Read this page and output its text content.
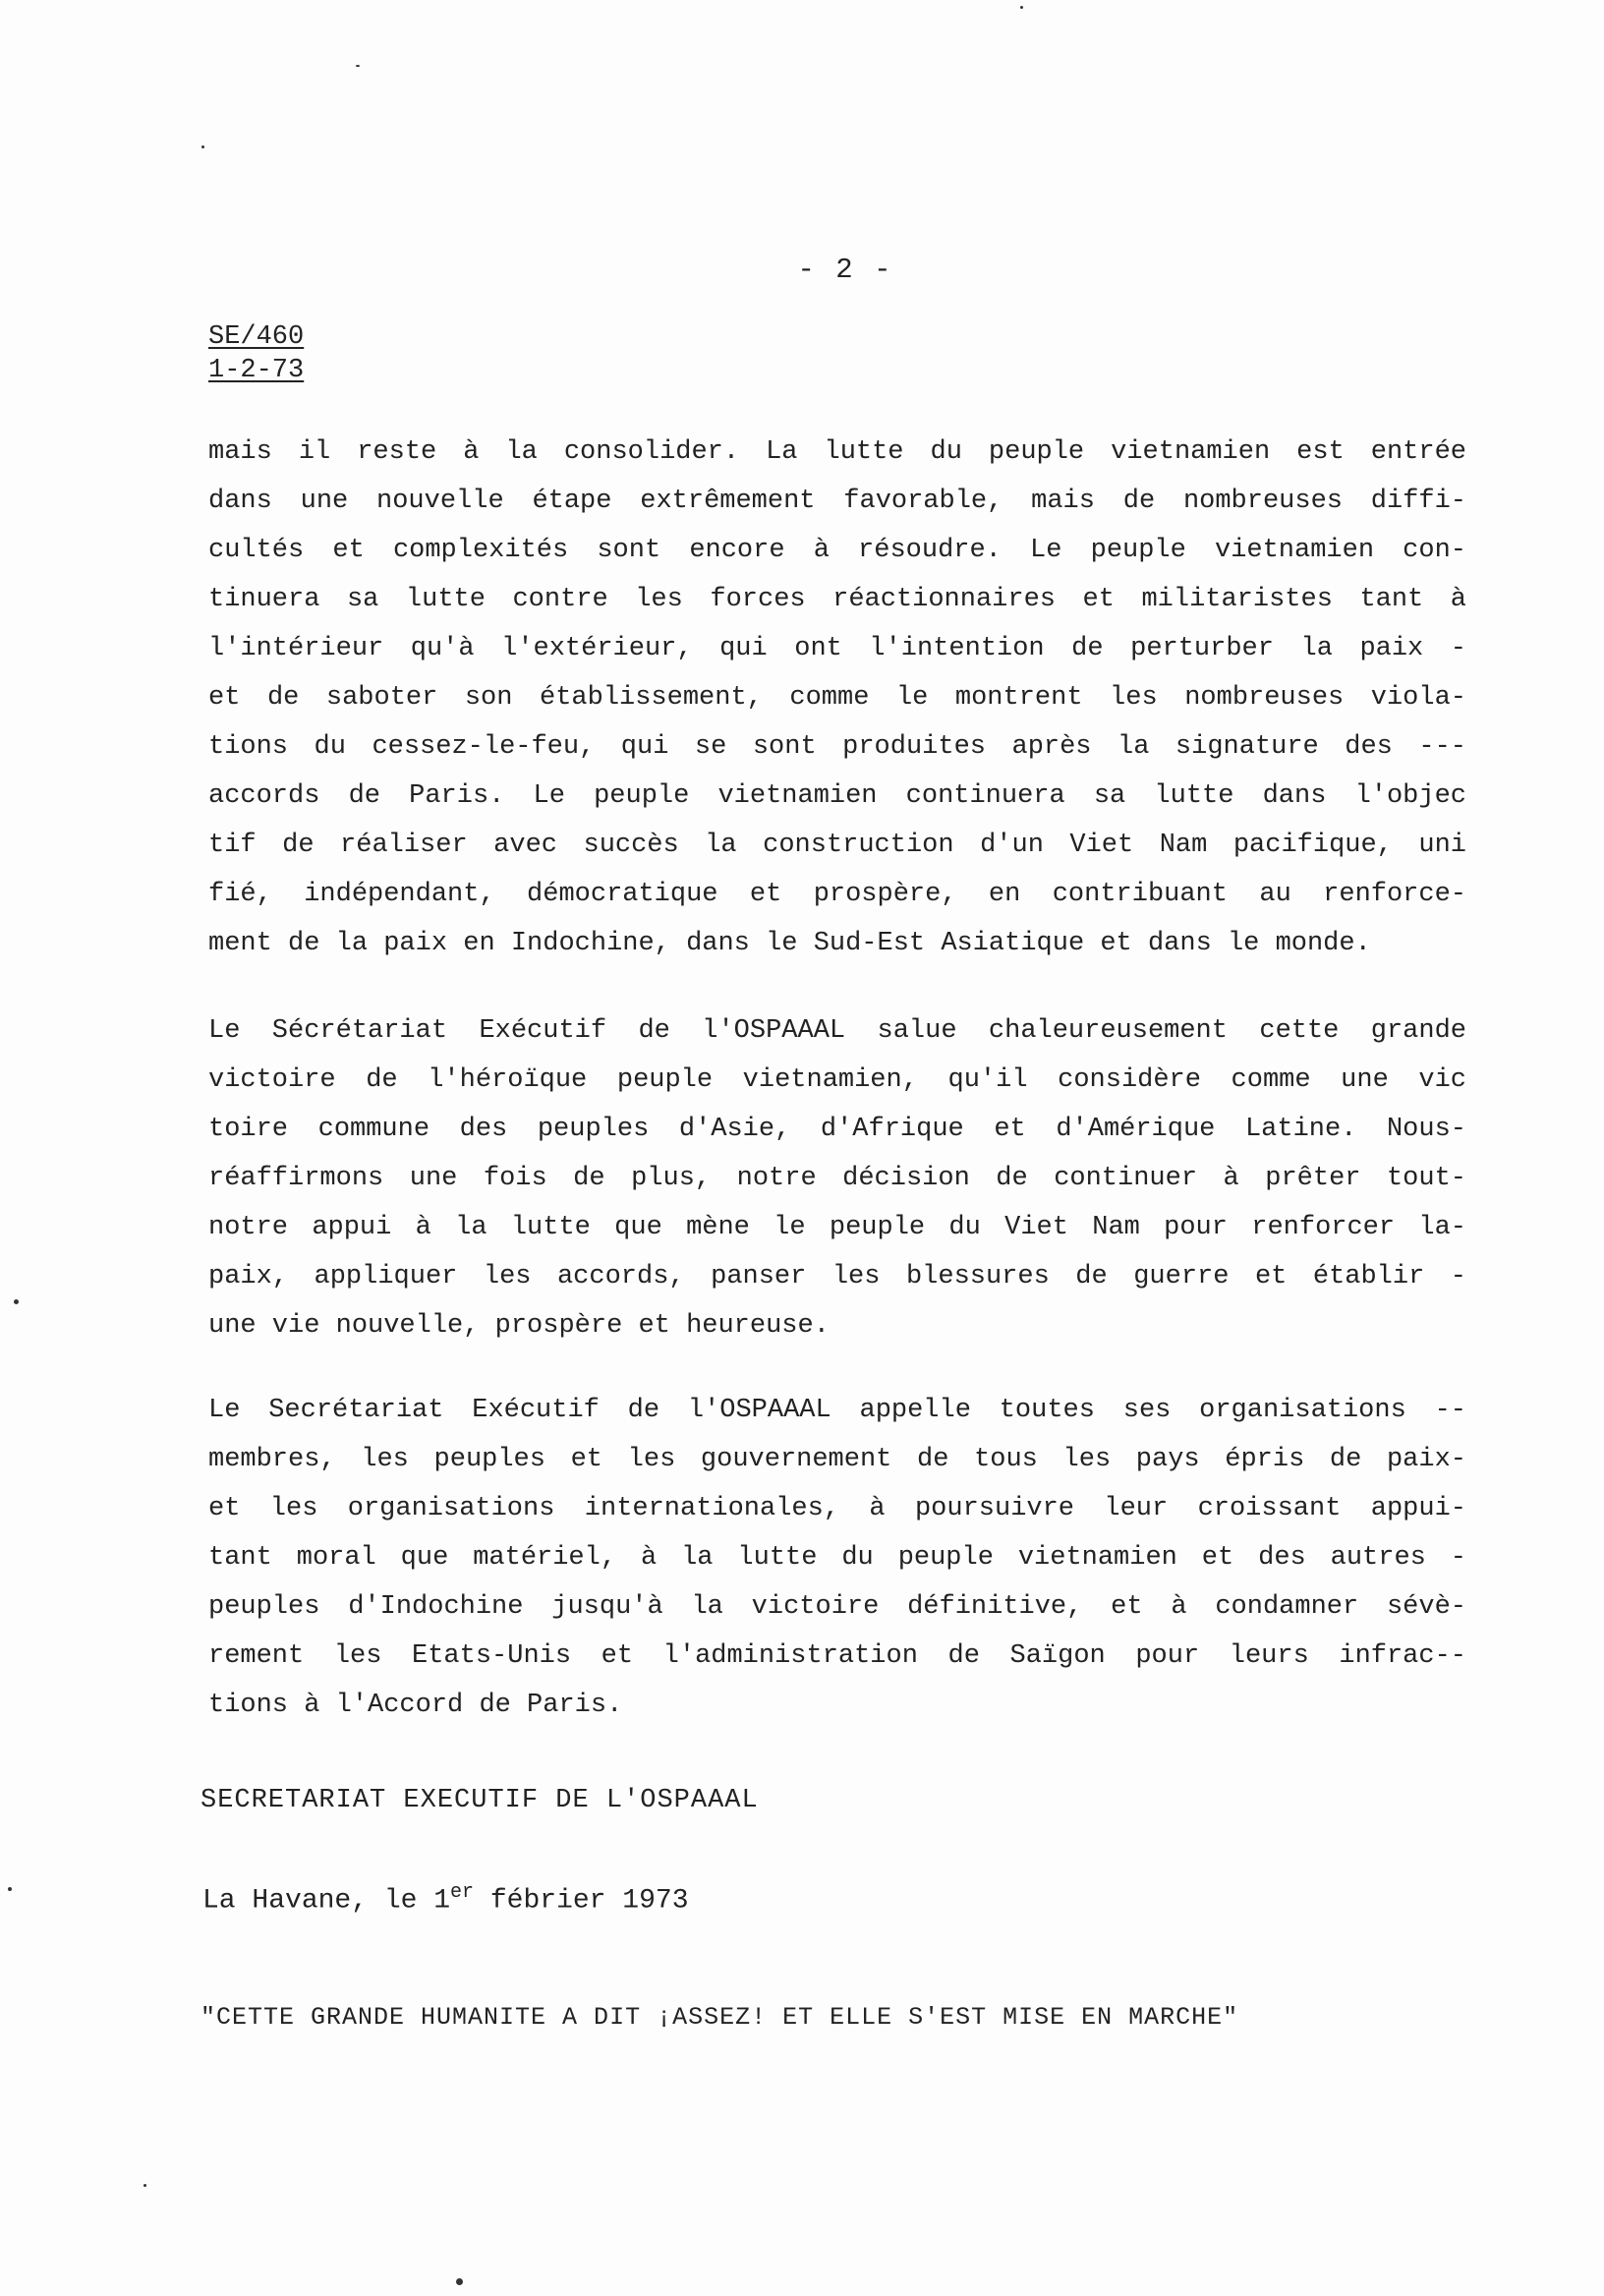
- 2 -
SE/460
1-2-73
mais il reste à la consolider. La lutte du peuple vietnamien est entrée
dans une nouvelle étape extrêmement favorable, mais de nombreuses diffi-
cultés et complexités sont encore à résoudre. Le peuple vietnamien con-
tinuera sa lutte contre les forces réactionnaires et militaristes tant à
l'intérieur qu'à l'extérieur, qui ont l'intention de perturber la paix -
et de saboter son établissement, comme le montrent les nombreuses viola-
tions du cessez-le-feu, qui se sont produites après la signature des ---
accords de Paris. Le peuple vietnamien continuera sa lutte dans l'objec
tif de réaliser avec succès la construction d'un Viet Nam pacifique, uni
fié, indépendant, démocratique et prospère, en contribuant au renforce-
ment de la paix en Indochine, dans le Sud-Est Asiatique et dans le monde.
Le Sécrétariat Exécutif de l'OSPAAAL salue chaleureusement cette grande
victoire de l'héroïque peuple vietnamien, qu'il considère comme une vic
toire commune des peuples d'Asie, d'Afrique et d'Amérique Latine. Nous-
réaffirmons une fois de plus, notre décision de continuer à prêter tout-
notre appui à la lutte que mène le peuple du Viet Nam pour renforcer la-
paix, appliquer les accords, panser les blessures de guerre et établir -
une vie nouvelle, prospère et heureuse.
Le Secrétariat Exécutif de l'OSPAAAL appelle toutes ses organisations --
membres, les peuples et les gouvernement de tous les pays épris de paix-
et les organisations internationales, à poursuivre leur croissant appui-
tant moral que matériel, à la lutte du peuple vietnamien et des autres -
peuples d'Indochine jusqu'à la victoire définitive, et à condamner sévè-
rement les Etats-Unis et l'administration de Saïgon pour leurs infrac--
tions à l'Accord de Paris.
SECRETARIAT EXECUTIF DE L'OSPAAAL
La Havane, le 1er fébrier 1973
"CETTE GRANDE HUMANITE A DIT ¡ASSEZ! ET ELLE S'EST MISE EN MARCHE"
